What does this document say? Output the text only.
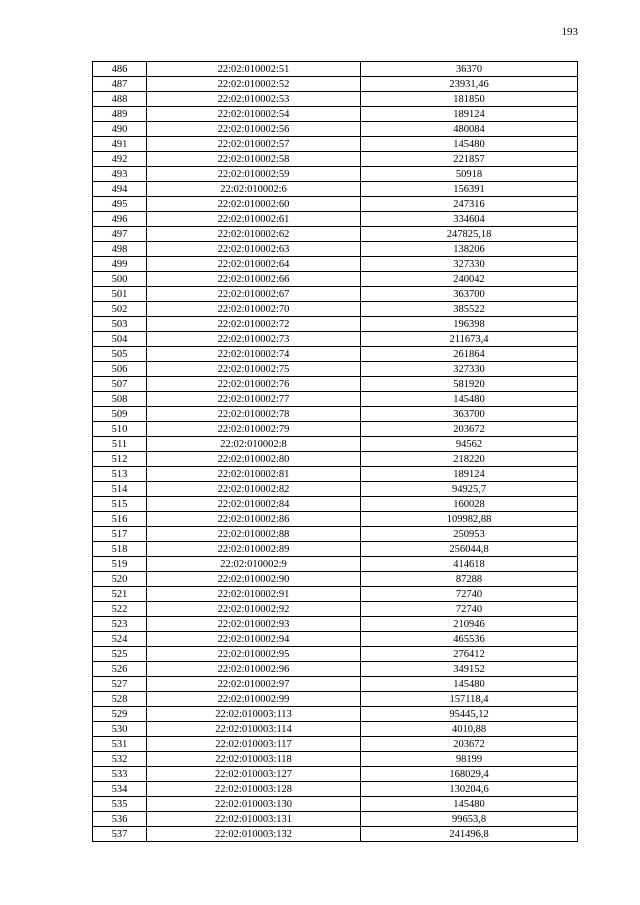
193
486	22:02:010002:51	36370
487	22:02:010002:52	23931,46
488	22:02:010002:53	181850
489	22:02:010002:54	189124
490	22:02:010002:56	480084
491	22:02:010002:57	145480
492	22:02:010002:58	221857
493	22:02:010002:59	50918
494	22:02:010002:6	156391
495	22:02:010002:60	247316
496	22:02:010002:61	334604
497	22:02:010002:62	247825,18
498	22:02:010002:63	138206
499	22:02:010002:64	327330
500	22:02:010002:66	240042
501	22:02:010002:67	363700
502	22:02:010002:70	385522
503	22:02:010002:72	196398
504	22:02:010002:73	211673,4
505	22:02:010002:74	261864
506	22:02:010002:75	327330
507	22:02:010002:76	581920
508	22:02:010002:77	145480
509	22:02:010002:78	363700
510	22:02:010002:79	203672
511	22:02:010002:8	94562
512	22:02:010002:80	218220
513	22:02:010002:81	189124
514	22:02:010002:82	94925,7
515	22:02:010002:84	160028
516	22:02:010002:86	109982,88
517	22:02:010002:88	250953
518	22:02:010002:89	256044,8
519	22:02:010002:9	414618
520	22:02:010002:90	87288
521	22:02:010002:91	72740
522	22:02:010002:92	72740
523	22:02:010002:93	210946
524	22:02:010002:94	465536
525	22:02:010002:95	276412
526	22:02:010002:96	349152
527	22:02:010002:97	145480
528	22:02:010002:99	157118,4
529	22:02:010003:113	95445,12
530	22:02:010003:114	4010,88
531	22:02:010003:117	203672
532	22:02:010003:118	98199
533	22:02:010003:127	168029,4
534	22:02:010003:128	130204,6
535	22:02:010003:130	145480
536	22:02:010003:131	99653,8
537	22:02:010003:132	241496,8
